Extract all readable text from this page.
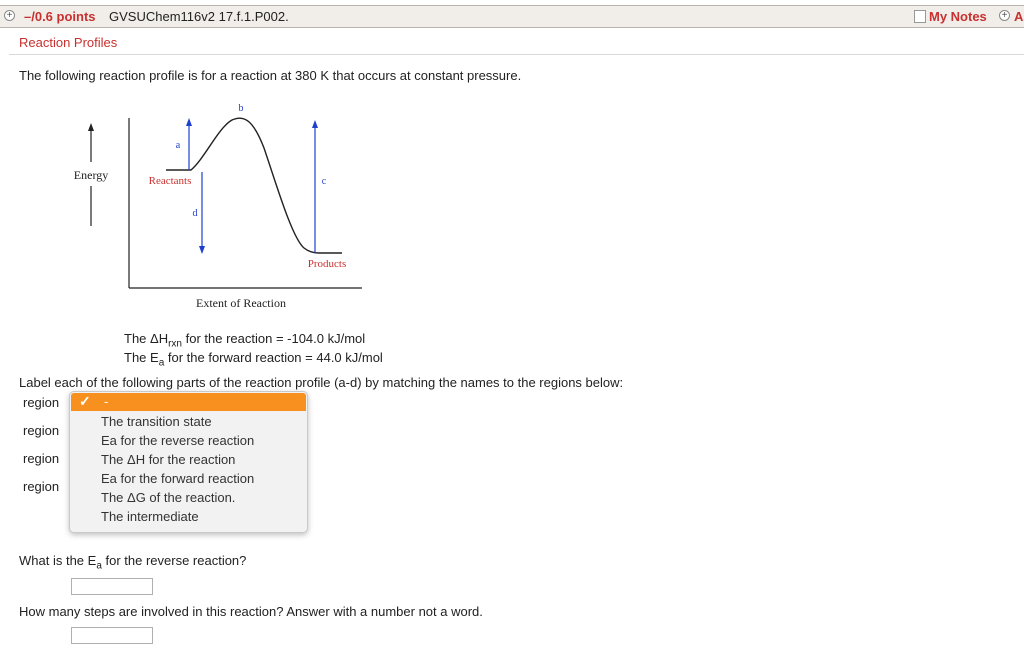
+ –/0.6 points GVSUChem116v2 17.f.1.P002.	My Notes + A
Reaction Profiles
The following reaction profile is for a reaction at 380 K that occurs at constant pressure.
Energy
a
d
b
c
Reactants
Products
Extent of Reaction
The $\Delta H_{rxn}$ for the reaction = -104.0 kJ/mol
The $E_a$ for the forward reaction = 44.0 kJ/mol
Label each of the following parts of the reaction profile (a-d) by matching the names to the regions below:
region
region
region
region
✓ -
The transition state
Ea for the reverse reaction
The ΔH for the reaction
Ea for the forward reaction
The ΔG of the reaction.
The intermediate
What is the $E_a$ for the reverse reaction?
How many steps are involved in this reaction? Answer with a number not a word.
